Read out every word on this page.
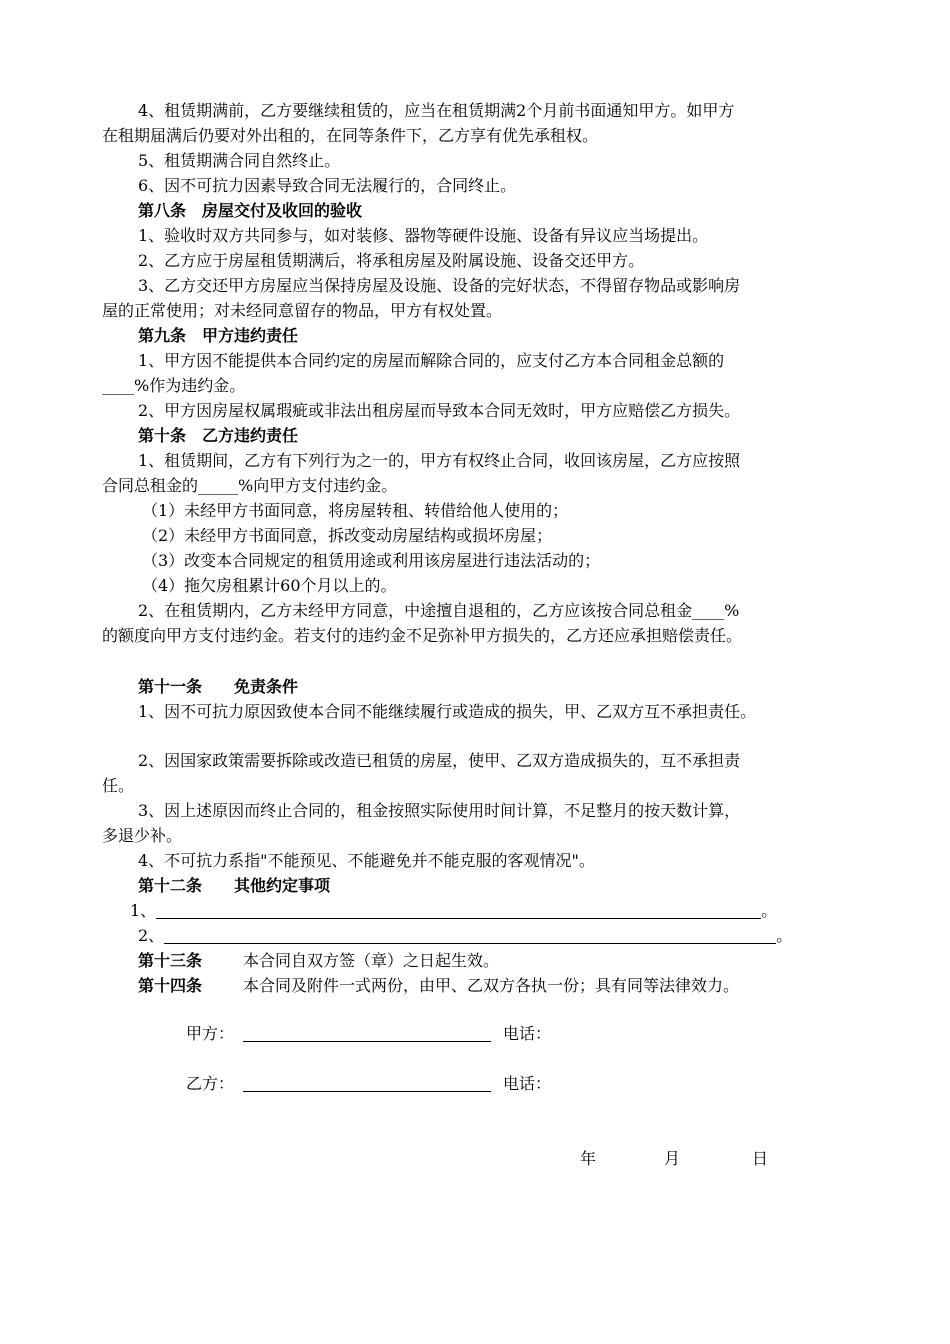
4、租赁期满前，乙方要继续租赁的，应当在租赁期满2个月前书面通知甲方。如甲方
在租期届满后仍要对外出租的，在同等条件下，乙方享有优先承租权。
5、租赁期满合同自然终止。
6、因不可抗力因素导致合同无法履行的，合同终止。
第八条　房屋交付及收回的验收
1、验收时双方共同参与，如对装修、器物等硬件设施、设备有异议应当场提出。
2、乙方应于房屋租赁期满后，将承租房屋及附属设施、设备交还甲方。
3、乙方交还甲方房屋应当保持房屋及设施、设备的完好状态，不得留存物品或影响房
屋的正常使用；对未经同意留存的物品，甲方有权处置。
第九条　甲方违约责任
1、甲方因不能提供本合同约定的房屋而解除合同的，应支付乙方本合同租金总额的
____%作为违约金。
2、甲方因房屋权属瑕疵或非法出租房屋而导致本合同无效时，甲方应赔偿乙方损失。
第十条　乙方违约责任
1、租赁期间，乙方有下列行为之一的，甲方有权终止合同，收回该房屋，乙方应按照
合同总租金的_____%向甲方支付违约金。
（1）未经甲方书面同意，将房屋转租、转借给他人使用的；
（2）未经甲方书面同意，拆改变动房屋结构或损坏房屋；
（3）改变本合同规定的租赁用途或利用该房屋进行违法活动的；
（4）拖欠房租累计60个月以上的。
2、在租赁期内，乙方未经甲方同意，中途擅自退租的，乙方应该按合同总租金____%
的额度向甲方支付违约金。若支付的违约金不足弥补甲方损失的，乙方还应承担赔偿责任。
第十一条　　免责条件
1、因不可抗力原因致使本合同不能继续履行或造成的损失，甲、乙双方互不承担责任。
2、因国家政策需要拆除或改造已租赁的房屋，使甲、乙双方造成损失的，互不承担责
任。
3、因上述原因而终止合同的，租金按照实际使用时间计算，不足整月的按天数计算，
多退少补。
4、不可抗力系指"不能预见、不能避免并不能克服的客观情况"。
第十二条　　其他约定事项
1、	。
2、	。
第十三条	本合同自双方签（章）之日起生效。
第十四条	本合同及附件一式两份，由甲、乙双方各执一份；具有同等法律效力。
甲方：	电话：
乙方：	电话：
年	月	日
